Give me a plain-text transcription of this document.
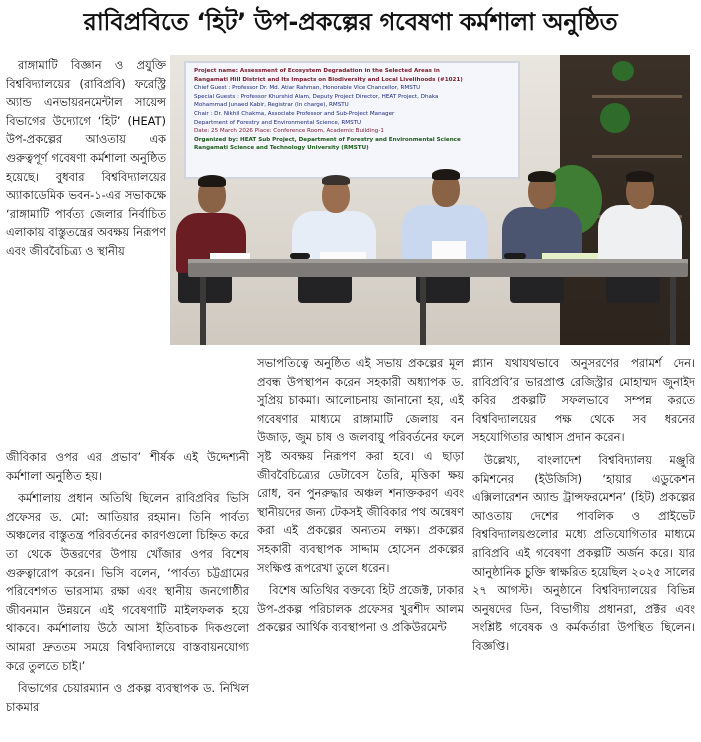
রাবিপ্রবিতে ‘হিট’ উপ-প্রকল্পের গবেষণা কর্মশালা অনুষ্ঠিত
Project name: Assessment of Ecosystem Degradation in the Selected Areas in
Rangamati Hill District and Its Impacts on Biodiversity and Local Livelihoods (#1021)
Chief Guest : Professor Dr. Md. Atiar Rahman, Honorable Vice Chancellor, RMSTU
Special Guests : Professor Khurshid Alam, Deputy Project Director, HEAT Project, Dhaka
Mohammad Junaed Kabir, Registrar (In charge), RMSTU
Chair : Dr. Nikhil Chakma, Associate Professor and Sub-Project Manager
Department of Forestry and Environmental Science, RMSTU
Date: 25 March 2026 Place: Conference Room, Academic Building-1
Organized by: HEAT Sub Project, Department of Forestry and Environmental Science
Rangamati Science and Technology University (RMSTU)

রাঙ্গামাটি বিজ্ঞান ও প্রযুক্তি বিশ্ববিদ্যালয়ের (রাবিপ্রবি) ফরেস্ট্রি অ্যান্ড এনভায়রনমেন্টাল সায়েন্স বিভাগের উদ্যোগে ‘হিট’ (HEAT) উপ-প্রকল্পের আওতায় এক গুরুত্বপূর্ণ গবেষণা কর্মশালা অনুষ্ঠিত হয়েছে। বুধবার বিশ্ববিদ্যালয়ের অ্যাকাডেমিক ভবন-১-এর সভাকক্ষে ‘রাঙ্গামাটি পার্বত্য জেলার নির্বাচিত এলাকায় বাস্তুতন্ত্রের অবক্ষয় নিরূপণ এবং জীববৈচিত্র্য ও স্থানীয়

জীবিকার ওপর এর প্রভাব’ শীর্ষক এই উদ্দেশ্যনী কর্মশালা অনুষ্ঠিত হয়।

কর্মশালায় প্রধান অতিথি ছিলেন রাবিপ্রবির ভিসি প্রফেসর ড. মো: আতিয়ার রহমান। তিনি পার্বত্য অঞ্চলের বাস্তুতন্ত্র পরিবর্তনের কারণগুলো চিহ্নিত করে তা থেকে উত্তরণের উপায় খোঁজার ওপর বিশেষ গুরুত্বারোপ করেন। ভিসি বলেন, ‘পার্বত্য চট্টগ্রামের পরিবেশগত ভারসাম্য রক্ষা এবং স্থানীয় জনগোষ্ঠীর জীবনমান উন্নয়নে এই গবেষণাটি মাইলফলক হয়ে থাকবে। কর্মশালায় উঠে আসা ইতিবাচক দিকগুলো আমরা দ্রুততম সময়ে বিশ্ববিদ্যালয়ে বাস্তবায়নযোগ্য করে তুলতে চাই।’

বিভাগের চেয়ারম্যান ও প্রকল্প ব্যবস্থাপক ড. নিখিল চাকমার

সভাপতিত্বে অনুষ্ঠিত এই সভায় প্রকল্পের মূল প্রবন্ধ উপস্থাপন করেন সহকারী অধ্যাপক ড. সুপ্রিয় চাকমা। আলোচনায় জানানো হয়, এই গবেষণার মাধ্যমে রাঙ্গামাটি জেলায় বন উজাড়, জুম চাষ ও জলবায়ু পরিবর্তনের ফলে সৃষ্ট অবক্ষয় নিরূপণ করা হবে। এ ছাড়া জীববৈচিত্র্যের ডেটাবেস তৈরি, মৃত্তিকা ক্ষয় রোধ, বন পুনরুদ্ধার অঞ্চল শনাক্তকরণ এবং স্থানীয়দের জন্য টেকসই জীবিকার পথ অন্বেষণ করা এই প্রকল্পের অন্যতম লক্ষ্য। প্রকল্পের সহকারী ব্যবস্থাপক সাদ্দাম হোসেন প্রকল্পের সংক্ষিপ্ত রূপরেখা তুলে ধরেন।

বিশেষ অতিথির বক্তব্যে হিট প্রজেক্ট, ঢাকার উপ-প্রকল্প পরিচালক প্রফেসর খুরশীদ আলম প্রকল্পের আর্থিক ব্যবস্থাপনা ও প্রকিউরমেন্ট

প্ল্যান যথাযথভাবে অনুসরণের পরামর্শ দেন। রাবিপ্রবি’র ভারপ্রাপ্ত রেজিস্ট্রার মোহাম্মদ জুনাইদ কবির প্রকল্পটি সফলভাবে সম্পন্ন করতে বিশ্ববিদ্যালয়ের পক্ষ থেকে সব ধরনের সহযোগিতার আশ্বাস প্রদান করেন।

উল্লেখ্য, বাংলাদেশ বিশ্ববিদ্যালয় মঞ্জুরি কমিশনের (ইউজিসি) ‘হায়ার এডুকেশন এক্সিলারেশন অ্যান্ড ট্রান্সফরমেশন’ (হিট) প্রকল্পের আওতায় দেশের পাবলিক ও প্রাইভেট বিশ্ববিদ্যালয়গুলোর মধ্যে প্রতিযোগিতার মাধ্যমে রাবিপ্রবি এই গবেষণা প্রকল্পটি অর্জন করে। যার আনুষ্ঠানিক চুক্তি স্বাক্ষরিত হয়েছিল ২০২৫ সালের ২৭ আগস্ট। অনুষ্ঠানে বিশ্ববিদ্যালয়ের বিভিন্ন অনুষদের ডিন, বিভাগীয় প্রধানরা, প্রক্টর এবং সংশ্লিষ্ট গবেষক ও কর্মকর্তারা উপস্থিত ছিলেন। বিজ্ঞপ্তি।
